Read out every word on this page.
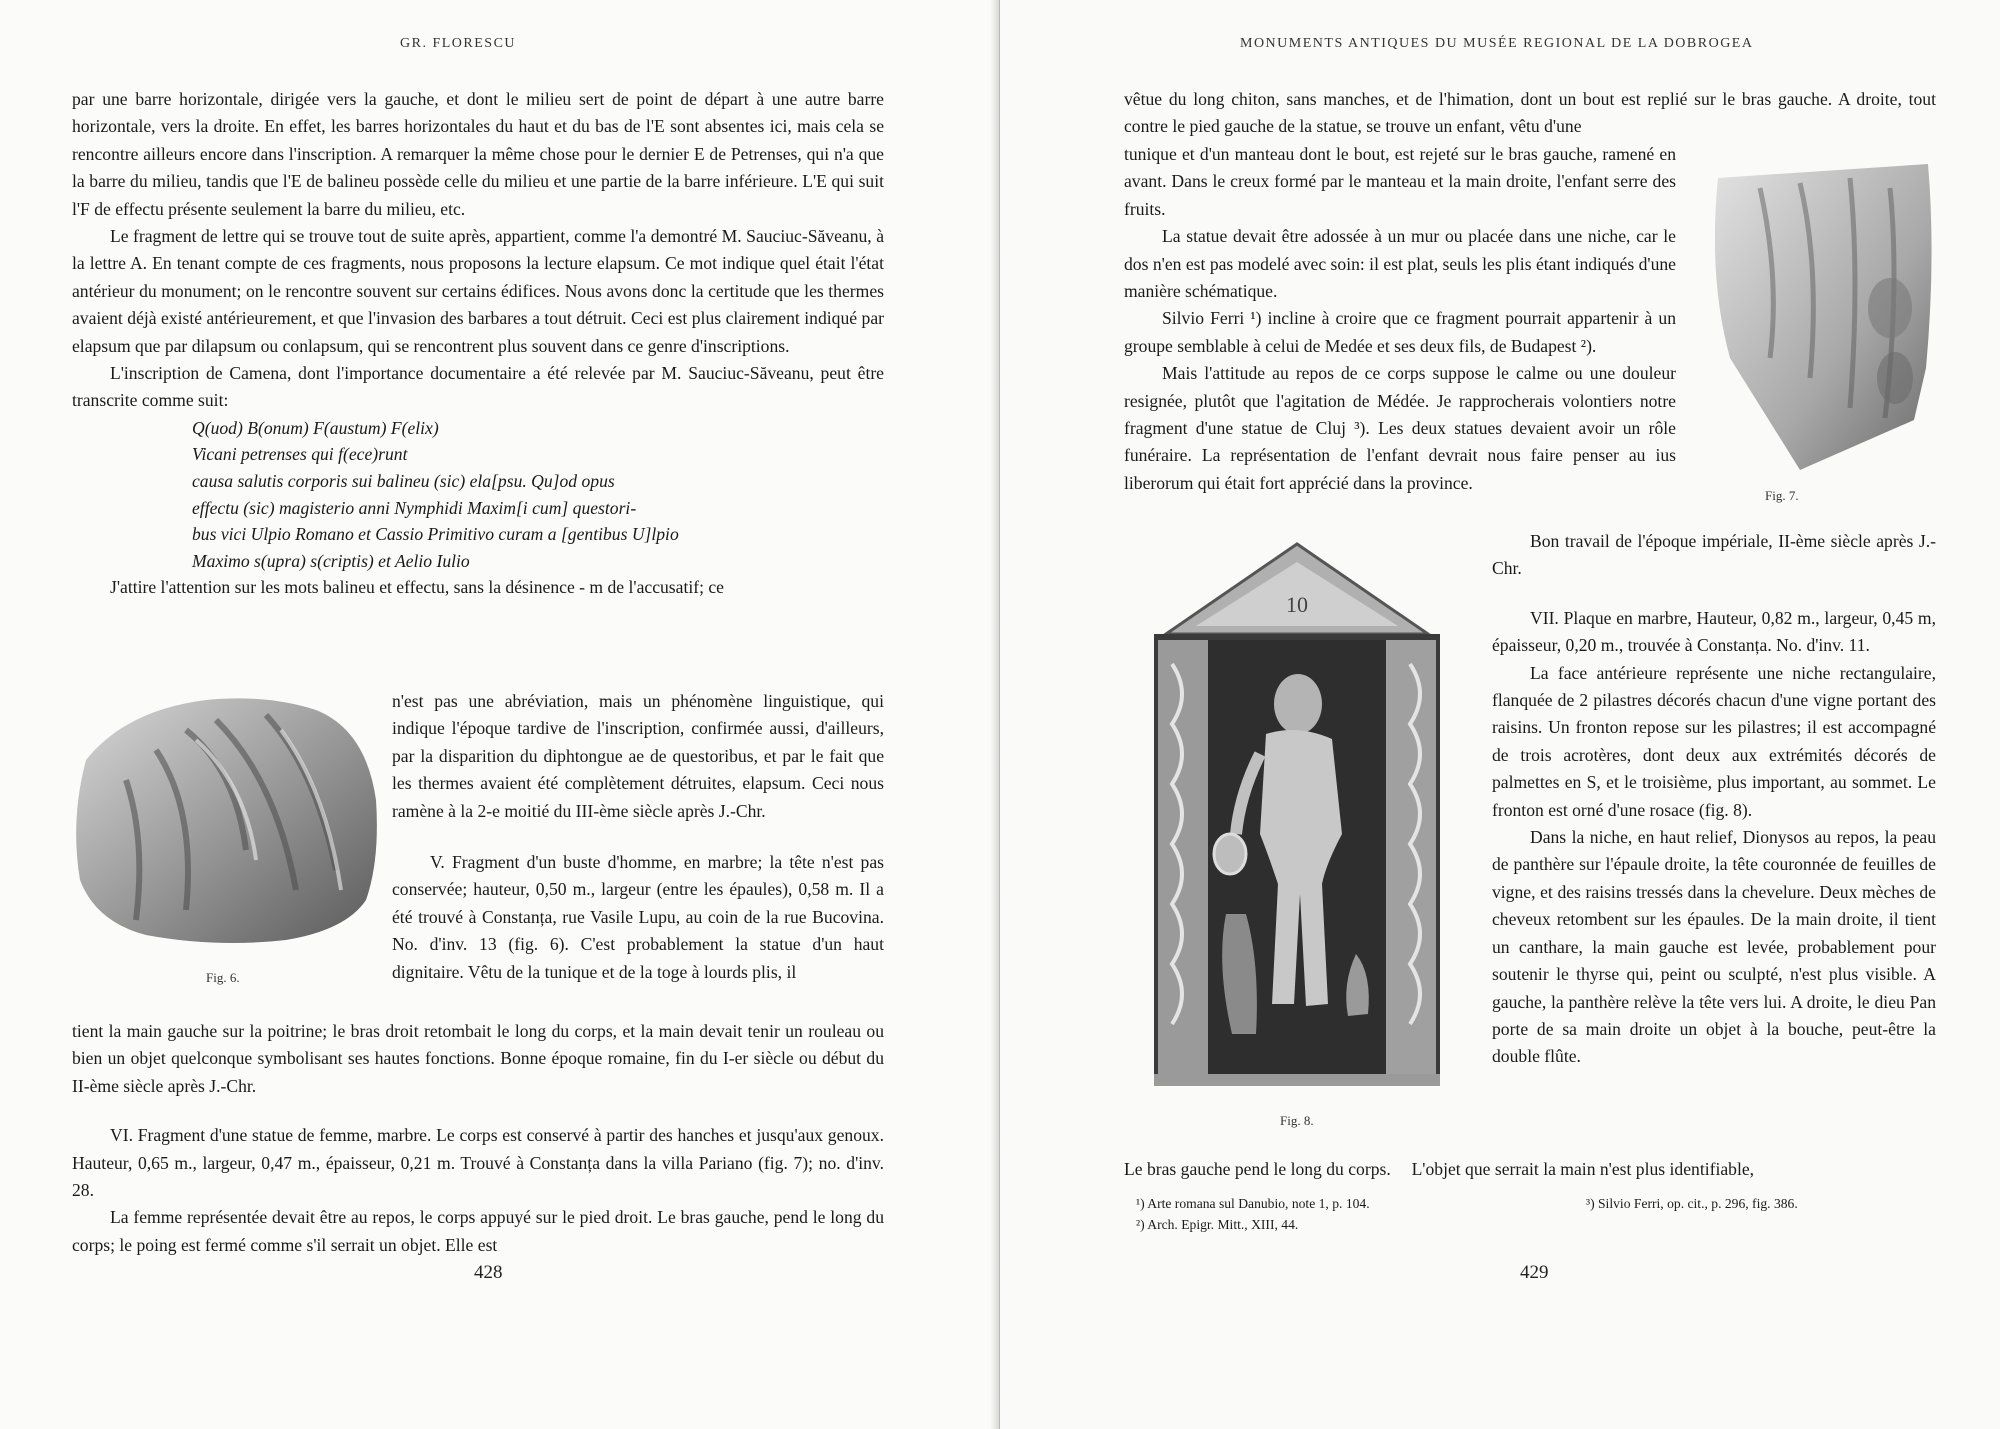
GR. FLORESCU

par une barre horizontale, dirigée vers la gauche, et dont le milieu sert de point de départ à une autre barre horizontale, vers la droite. En effet, les barres horizontales du haut et du bas de l'E sont absentes ici, mais cela se rencontre ailleurs encore dans l'inscription. A remarquer la même chose pour le dernier E de Petrenses, qui n'a que la barre du milieu, tandis que l'E de balineu possède celle du milieu et une partie de la barre inférieure. L'E qui suit l'F de effectu présente seulement la barre du milieu, etc.

Le fragment de lettre qui se trouve tout de suite après, appartient, comme l'a demontré M. Sauciuc-Săveanu, à la lettre A. En tenant compte de ces fragments, nous proposons la lecture elapsum. Ce mot indique quel était l'état antérieur du monument; on le rencontre souvent sur certains édifices. Nous avons donc la certitude que les thermes avaient déjà existé antérieurement, et que l'invasion des barbares a tout détruit. Ceci est plus clairement indiqué par elapsum que par dilapsum ou conlapsum, qui se rencontrent plus souvent dans ce genre d'inscriptions.

L'inscription de Camena, dont l'importance documentaire a été relevée par M. Sauciuc-Săveanu, peut être transcrite comme suit:

Q(uod) B(onum) F(austum) F(elix)
Vicani petrenses qui f(ece)runt
causa salutis corporis sui balineu (sic) ela[psu. Qu]od opus
effectu (sic) magisterio anni Nymphidi Maxim[i cum] questori-
bus vici Ulpio Romano et Cassio Primitivo curam a [gentibus U]lpio
Maximo s(upra) s(criptis) et Aelio Iulio

J'attire l'attention sur les mots balineu et effectu, sans la désinence - m de l'accusatif; ce

Fig. 6.

n'est pas une abréviation, mais un phénomène linguistique, qui indique l'époque tardive de l'inscription, confirmée aussi, d'ailleurs, par la disparition du diphtongue ae de questoribus, et par le fait que les thermes avaient été complètement détruites, elapsum. Ceci nous ramène à la 2-e moitié du III-ème siècle après J.-Chr.

V. Fragment d'un buste d'homme, en marbre; la tête n'est pas conservée; hauteur, 0,50 m., largeur (entre les épaules), 0,58 m. Il a été trouvé à Constanța, rue Vasile Lupu, au coin de la rue Bucovina. No. d'inv. 13 (fig. 6). C'est probablement la statue d'un haut dignitaire. Vêtu de la tunique et de la toge à lourds plis, il

tient la main gauche sur la poitrine; le bras droit retombait le long du corps, et la main devait tenir un rouleau ou bien un objet quelconque symbolisant ses hautes fonctions. Bonne époque romaine, fin du I-er siècle ou début du II-ème siècle après J.-Chr.

VI. Fragment d'une statue de femme, marbre. Le corps est conservé à partir des hanches et jusqu'aux genoux. Hauteur, 0,65 m., largeur, 0,47 m., épaisseur, 0,21 m. Trouvé à Constanța dans la villa Pariano (fig. 7); no. d'inv. 28.

La femme représentée devait être au repos, le corps appuyé sur le pied droit. Le bras gauche, pend le long du corps; le poing est fermé comme s'il serrait un objet. Elle est

428
MONUMENTS ANTIQUES DU MUSÉE REGIONAL DE LA DOBROGEA

vêtue du long chiton, sans manches, et de l'himation, dont un bout est replié sur le bras gauche. A droite, tout contre le pied gauche de la statue, se trouve un enfant, vêtu d'une

tunique et d'un manteau dont le bout, est rejeté sur le bras gauche, ramené en avant. Dans le creux formé par le manteau et la main droite, l'enfant serre des fruits.

La statue devait être adossée à un mur ou placée dans une niche, car le dos n'en est pas modelé avec soin: il est plat, seuls les plis étant indiqués d'une manière schématique.

Silvio Ferri ¹) incline à croire que ce fragment pourrait appartenir à un groupe semblable à celui de Medée et ses deux fils, de Budapest ²).

Mais l'attitude au repos de ce corps suppose le calme ou une douleur resignée, plutôt que l'agitation de Médée. Je rapprocherais volontiers notre fragment d'une statue de Cluj ³). Les deux statues devaient avoir un rôle funéraire. La représentation de l'enfant devrait nous faire penser au ius liberorum qui était fort apprécié dans la province.

Fig. 7.
10
Fig. 8.

Bon travail de l'époque impériale, II-ème siècle après J.-Chr.

VII. Plaque en marbre, Hauteur, 0,82 m., largeur, 0,45 m, épaisseur, 0,20 m., trouvée à Constanța. No. d'inv. 11.

La face antérieure représente une niche rectangulaire, flanquée de 2 pilastres décorés chacun d'une vigne portant des raisins. Un fronton repose sur les pilastres; il est accompagné de trois acrotères, dont deux aux extrémités décorés de palmettes en S, et le troisième, plus important, au sommet. Le fronton est orné d'une rosace (fig. 8).

Dans la niche, en haut relief, Dionysos au repos, la peau de panthère sur l'épaule droite, la tête couronnée de feuilles de vigne, et des raisins tressés dans la chevelure. Deux mèches de cheveux retombent sur les épaules. De la main droite, il tient un canthare, la main gauche est levée, probablement pour soutenir le thyrse qui, peint ou sculpté, n'est plus visible. A gauche, la panthère relève la tête vers lui. A droite, le dieu Pan porte de sa main droite un objet à la bouche, peut-être la double flûte.

Le bras gauche pend le long du corps. L'objet que serrait la main n'est plus identifiable,

¹) Arte romana sul Danubio, note 1, p. 104.

²) Arch. Epigr. Mitt., XIII, 44.

³) Silvio Ferri, op. cit., p. 296, fig. 386.

429
